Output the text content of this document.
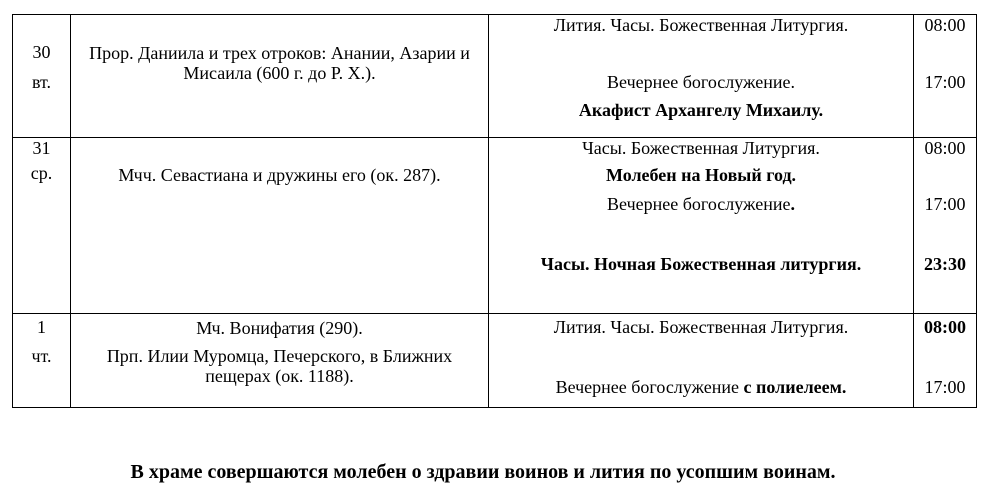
30

вт.

Прор. Даниила и трех отроков: Анании, Азарии и

Мисаила (600 г. до Р. Х.).

Лития. Часы. Божественная Литургия.

Вечернее богослужение.

Акафист Архангелу Михаилу.

08:00

17:00

31

ср.	Мчч. Севастиана и дружины его (ок. 287).

Часы. Божественная Литургия.

Молебен на Новый год.

Вечернее богослужение.

Часы. Ночная Божественная литургия.

08:00

17:00

23:30

1

чт.

Мч. Вонифатия (290).

Прп. Илии Муромца, Печерского, в Ближних

пещерах (ок. 1188).

Лития. Часы. Божественная Литургия.

Вечернее богослужение с полиелеем.

08:00

17:00

В храме совершаются молебен о здравии воинов и лития по усопшим воинам.
